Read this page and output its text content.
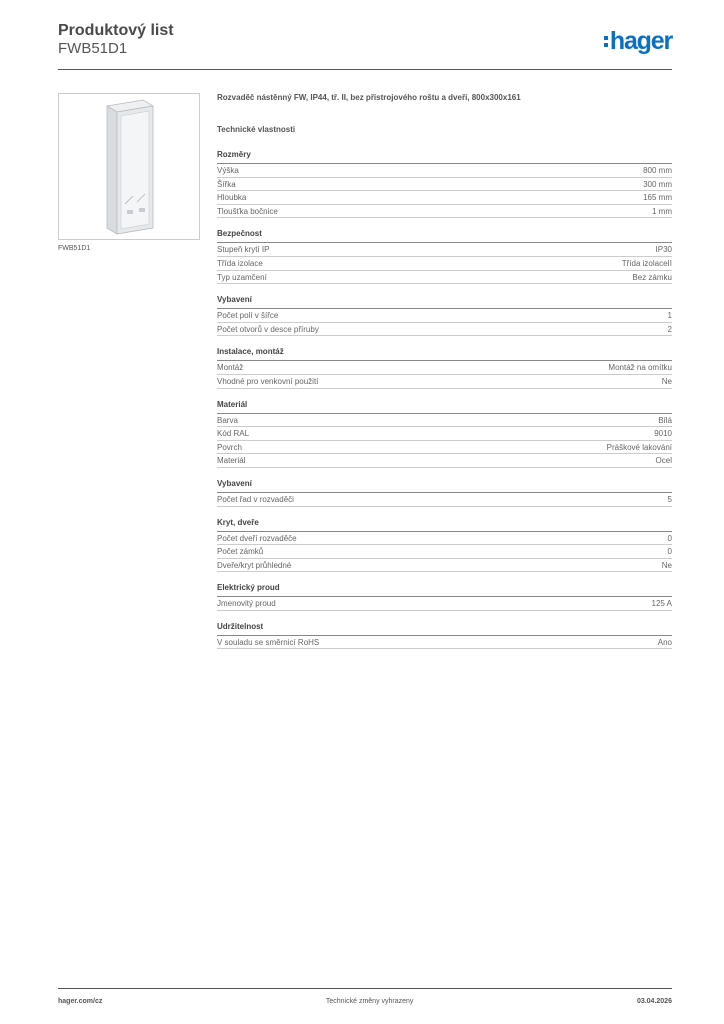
Produktový list
FWB51D1	hager
FWB51D1
Rozvaděč nástěnný FW, IP44, tř. II, bez přístrojového roštu a dveří, 800x300x161
Technické vlastnosti
Rozměry
Výška	800 mm
Šířka	300 mm
Hloubka	165 mm
Tloušťka bočnice	1 mm
Bezpečnost
Stupeň krytí IP	IP30
Třída izolace	Třída izolaceII
Typ uzamčení	Bez zámku
Vybavení
Počet polí v šířce	1
Počet otvorů v desce příruby	2
Instalace, montáž
Montáž	Montáž na omítku
Vhodné pro venkovní použití	Ne
Materiál
Barva	Bílá
Kód RAL	9010
Povrch	Práškové lakování
Materiál	Ocel
Vybavení
Počet řad v rozvaděči	5
Kryt, dveře
Počet dveří rozvaděče	0
Počet zámků	0
Dveře/kryt průhledné	Ne
Elektrický proud
Jmenovitý proud	125 A
Udržitelnost
V souladu se směrnicí RoHS	Ano
hager.com/cz	Technické změny vyhrazeny	03.04.2026
